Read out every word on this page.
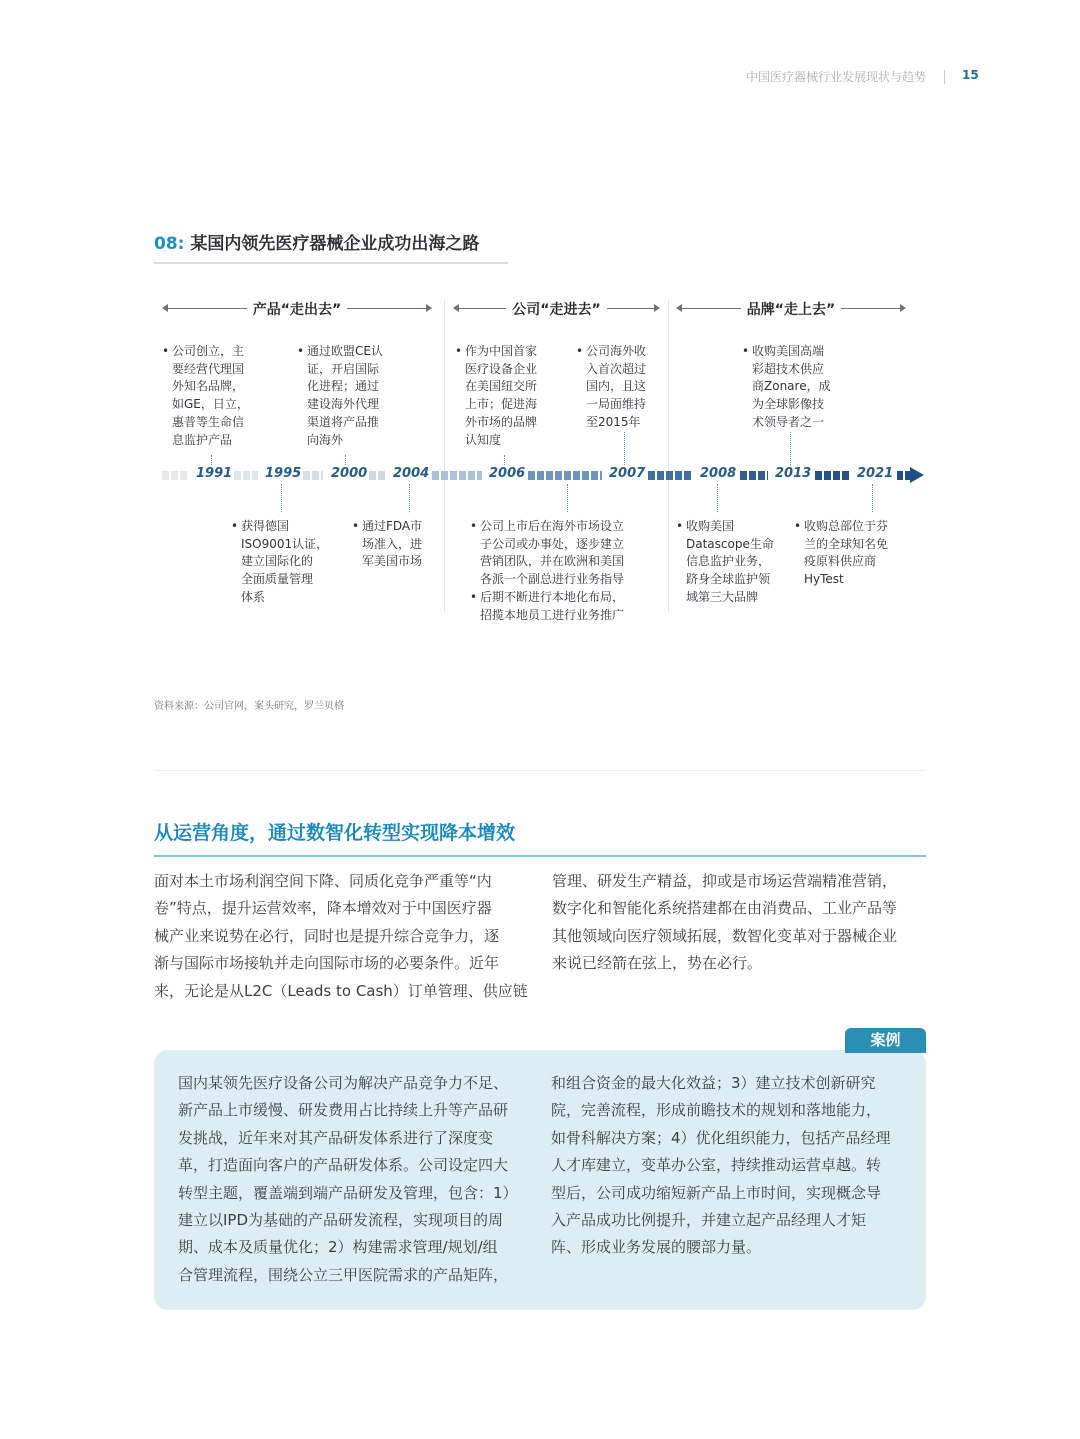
中国医疗器械行业发展现状与趋势	15
08: 某国内领先医疗器械企业成功出海之路
产品“走出去”	公司“走进去”	品牌“走上去”
• 公司创立，主
要经营代理国
外知名品牌，
如GE，日立，
惠普等生命信
息监护产品
• 通过欧盟CE认
证，开启国际
化进程；通过
建设海外代理
渠道将产品推
向海外
• 作为中国首家
医疗设备企业
在美国纽交所
上市；促进海
外市场的品牌
认知度
• 公司海外收
入首次超过
国内，且这
一局面维持
至2015年
• 收购美国高端
彩超技术供应
商Zonare，成
为全球影像技
术领导者之一
1991	1995 2000 2004	2006	2007	2008	2013	2021
• 获得德国
ISO9001认证，
建立国际化的
全面质量管理
体系
• 通过FDA市
场准入，进
军美国市场
• 公司上市后在海外市场设立
子公司或办事处，逐步建立
营销团队，并在欧洲和美国
各派一个副总进行业务指导
• 后期不断进行本地化布局，
招揽本地员工进行业务推广
• 收购美国
Datascope生命
信息监护业务，
跻身全球监护领
域第三大品牌
• 收购总部位于芬
兰的全球知名免
疫原料供应商
HyTest
资料来源：公司官网，案头研究，罗兰贝格
从运营角度，通过数智化转型实现降本增效
面对本土市场利润空间下降、同质化竞争严重等“内
卷”特点，提升运营效率，降本增效对于中国医疗器
械产业来说势在必行，同时也是提升综合竞争力，逐
渐与国际市场接轨并走向国际市场的必要条件。近年
来，无论是从L2C（Leads to Cash）订单管理、供应链
管理、研发生产精益，抑或是市场运营端精准营销，
数字化和智能化系统搭建都在由消费品、工业产品等
其他领域向医疗领域拓展，数智化变革对于器械企业
来说已经箭在弦上，势在必行。
案例
国内某领先医疗设备公司为解决产品竞争力不足、
新产品上市缓慢、研发费用占比持续上升等产品研
发挑战，近年来对其产品研发体系进行了深度变
革，打造面向客户的产品研发体系。公司设定四大
转型主题，覆盖端到端产品研发及管理，包含：1）
建立以IPD为基础的产品研发流程，实现项目的周
期、成本及质量优化；2）构建需求管理/规划/组
合管理流程，围绕公立三甲医院需求的产品矩阵，
和组合资金的最大化效益；3）建立技术创新研究
院，完善流程，形成前瞻技术的规划和落地能力，
如骨科解决方案；4）优化组织能力，包括产品经理
人才库建立，变革办公室，持续推动运营卓越。转
型后，公司成功缩短新产品上市时间，实现概念导
入产品成功比例提升，并建立起产品经理人才矩
阵、形成业务发展的腰部力量。
